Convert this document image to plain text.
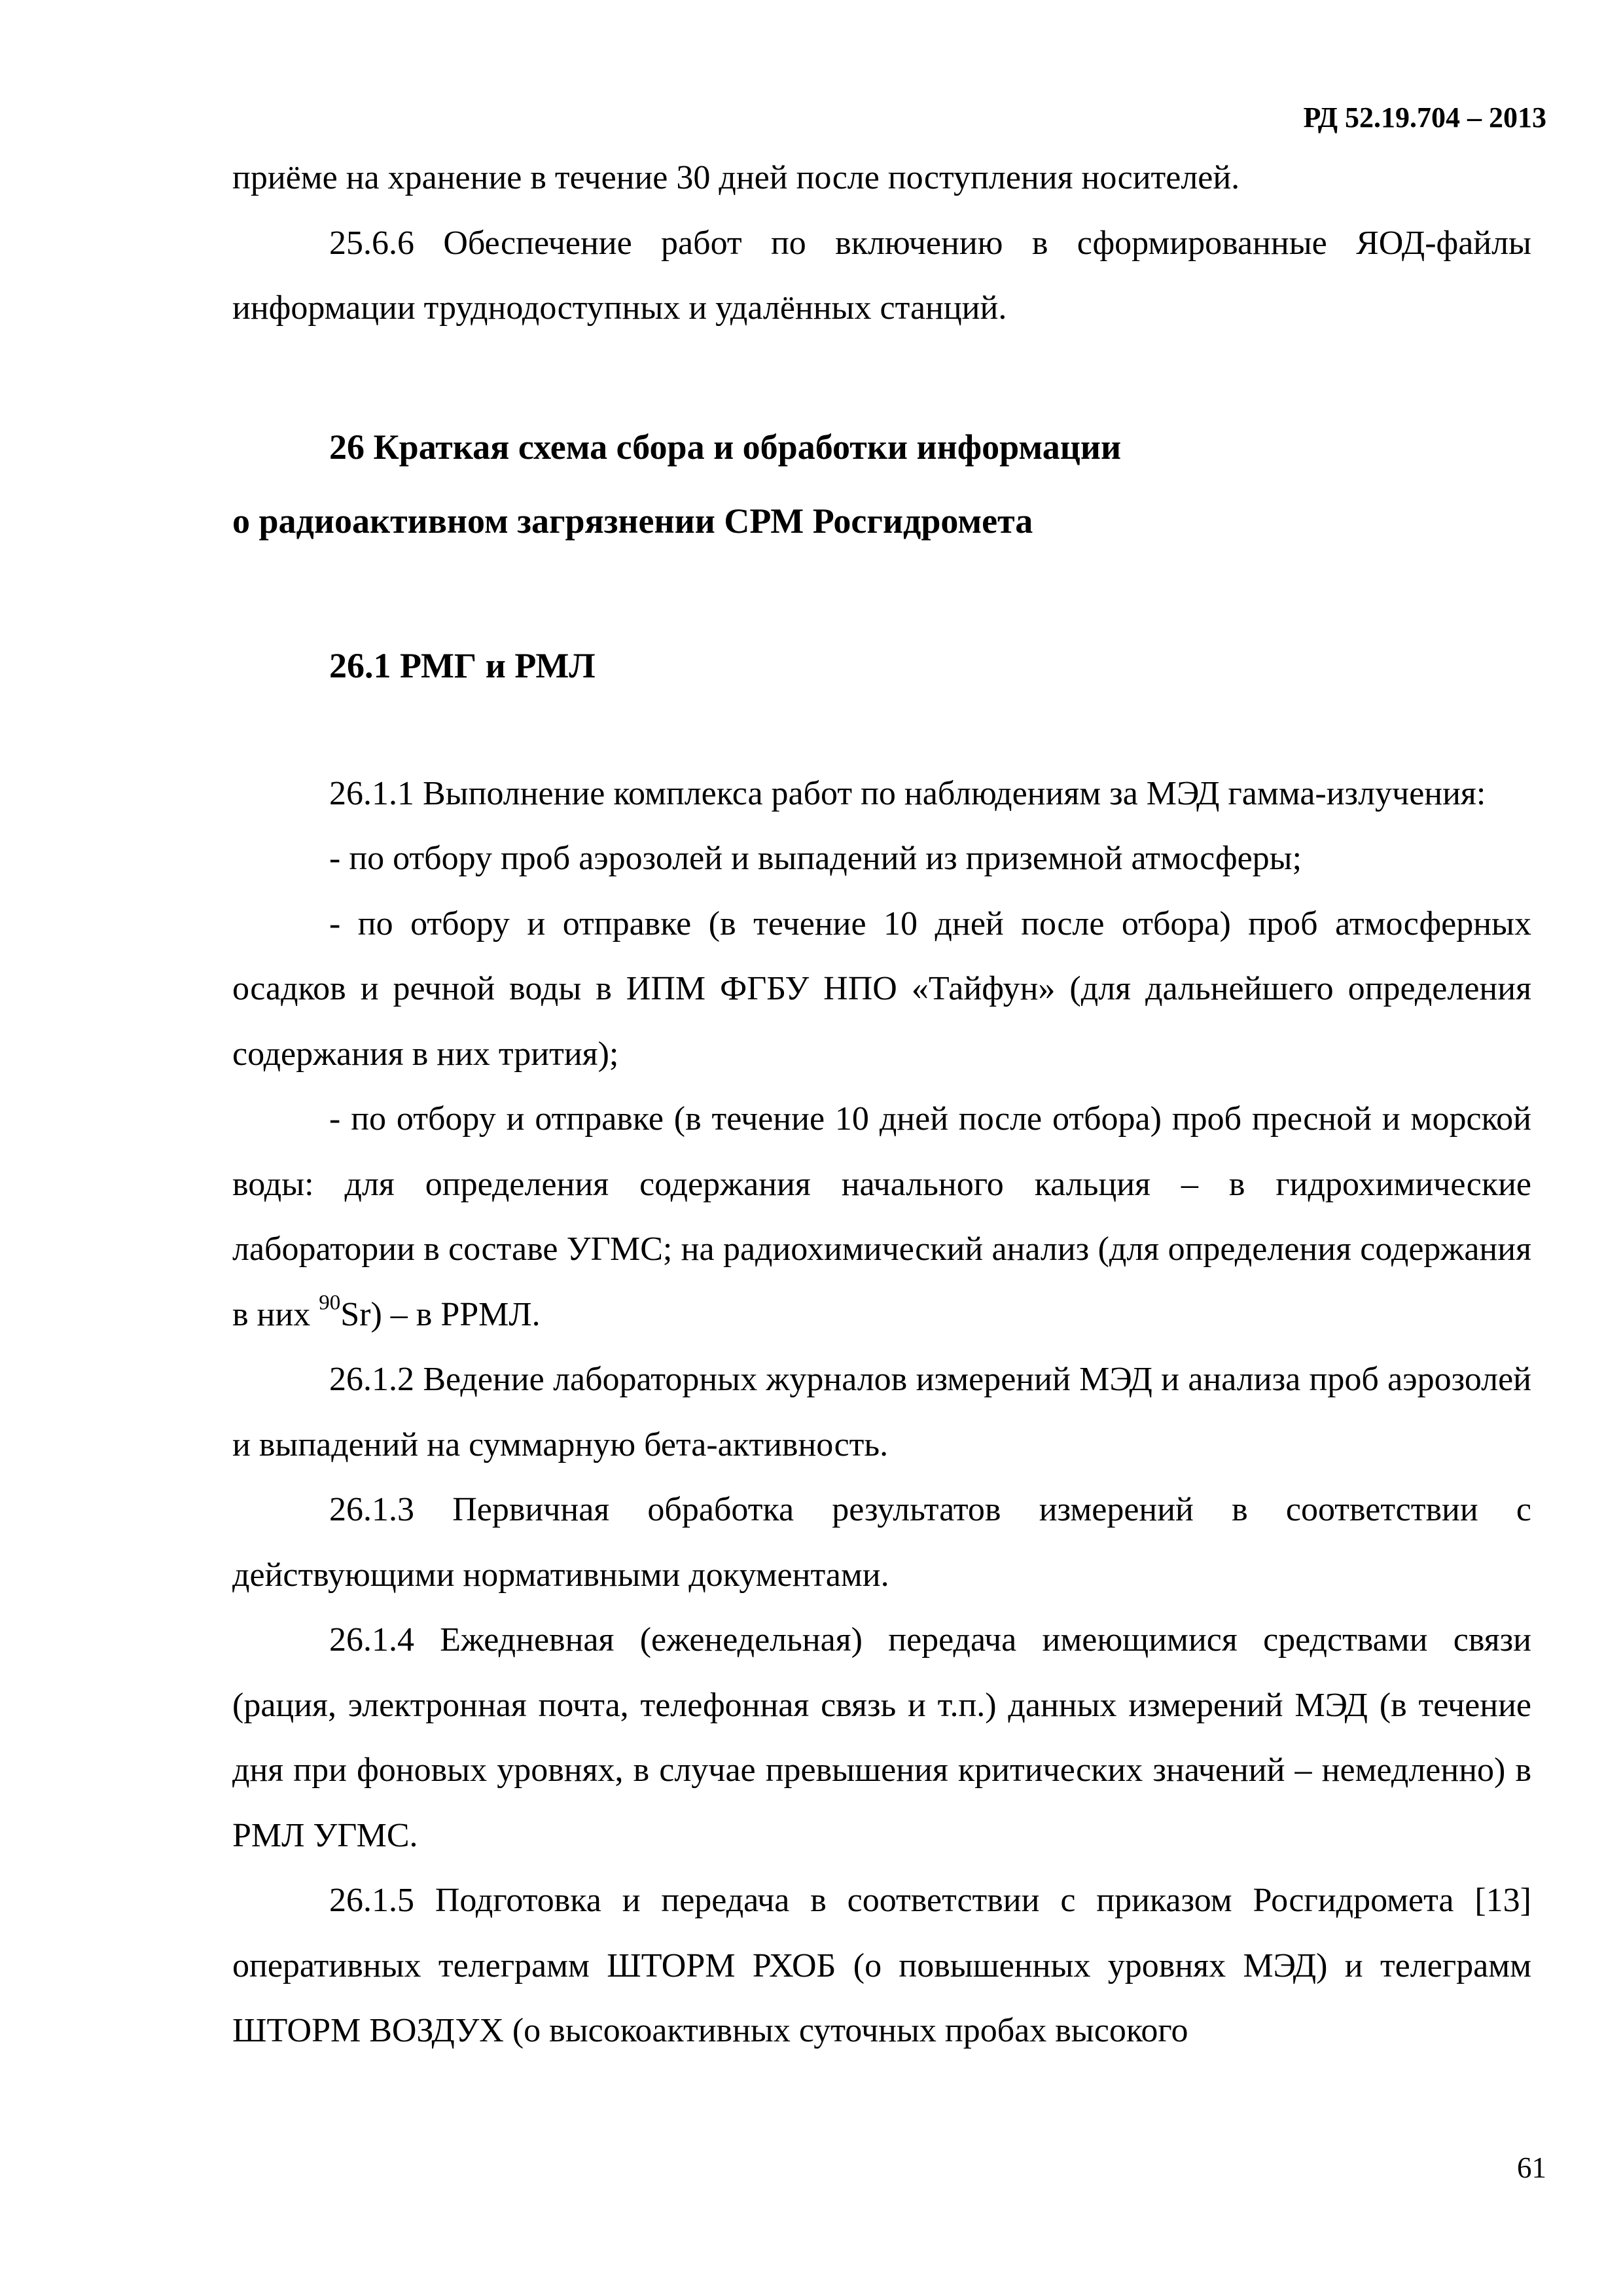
РД 52.19.704 – 2013

приёме на хранение в течение 30 дней после поступления носителей.

25.6.6 Обеспечение работ по включению в сформированные ЯОД-файлы информации труднодоступных и удалённых станций.

26 Краткая схема сбора и обработки информации

о радиоактивном загрязнении СРМ Росгидромета

26.1 РМГ и РМЛ

26.1.1 Выполнение комплекса работ по наблюдениям за МЭД гамма-излучения:

- по отбору проб аэрозолей и выпадений из приземной атмосферы;

- по отбору и отправке (в течение 10 дней после отбора) проб атмосферных осадков и речной воды в ИПМ ФГБУ НПО «Тайфун» (для дальнейшего определения содержания в них трития);

- по отбору и отправке (в течение 10 дней после отбора) проб пресной и морской воды: для определения содержания начального кальция – в гидрохимические лаборатории в составе УГМС; на радиохимический анализ (для определения содержания в них $^{90}$Sr) – в РРМЛ.

26.1.2 Ведение лабораторных журналов измерений МЭД и анализа проб аэрозолей и выпадений на суммарную бета-активность.

26.1.3 Первичная обработка результатов измерений в соответствии с действующими нормативными документами.

26.1.4 Ежедневная (еженедельная) передача имеющимися средствами связи (рация, электронная почта, телефонная связь и т.п.) данных измерений МЭД (в течение дня при фоновых уровнях, в случае превышения критических значений – немедленно) в РМЛ УГМС.

26.1.5 Подготовка и передача в соответствии с приказом Росгидромета [13] оперативных телеграмм ШТОРМ РХОБ (о повышенных уровнях МЭД) и телеграмм ШТОРМ ВОЗДУХ (о высокоактивных суточных пробах высокого

61
